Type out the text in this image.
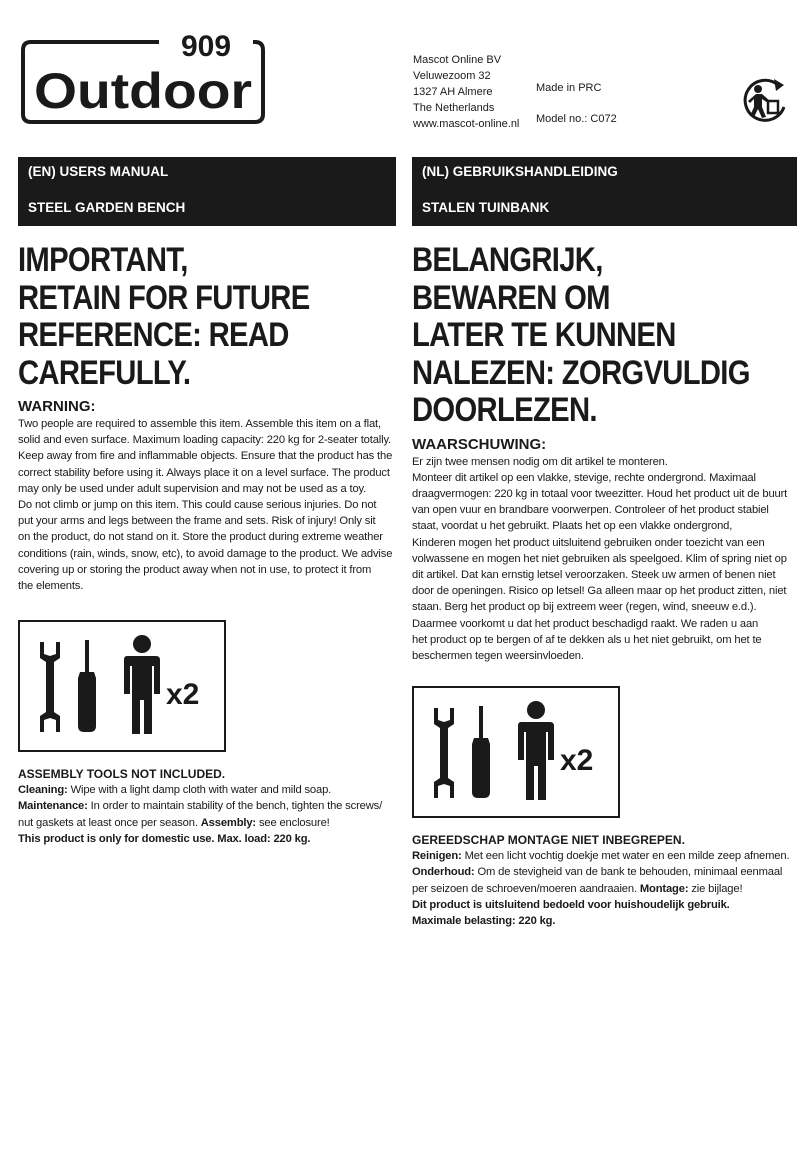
909
Outdoor
Mascot Online BV
Veluwezoom 32
1327 AH Almere
The Netherlands
www.mascot-online.nl
Made in PRC
Model no.: C072
(EN) USERS MANUAL
STEEL GARDEN BENCH
IMPORTANT,
RETAIN FOR FUTURE
REFERENCE: READ
CAREFULLY.
WARNING:
Two people are required to assemble this item. Assemble this item on a flat,
solid and even surface. Maximum loading capacity: 220 kg for 2-seater totally.
Keep away from fire and inflammable objects. Ensure that the product has the
correct stability before using it. Always place it on a level surface. The product
may only be used under adult supervision and may not be used as a toy.
Do not climb or jump on this item. This could cause serious injuries. Do not
put your arms and legs between the frame and sets. Risk of injury! Only sit
on the product, do not stand on it. Store the product during extreme weather
conditions (rain, winds, snow, etc), to avoid damage to the product. We advise
covering up or storing the product away when not in use, to protect it from
the elements.
x2
ASSEMBLY TOOLS NOT INCLUDED.
Cleaning: Wipe with a light damp cloth with water and mild soap.
Maintenance: In order to maintain stability of the bench, tighten the screws/
nut gaskets at least once per season. Assembly: see enclosure!
This product is only for domestic use. Max. load: 220 kg.
(NL) GEBRUIKSHANDLEIDING
STALEN TUINBANK
BELANGRIJK,
BEWAREN OM
LATER TE KUNNEN
NALEZEN: ZORGVULDIG
DOORLEZEN.
WAARSCHUWING:
Er zijn twee mensen nodig om dit artikel te monteren.
Monteer dit artikel op een vlakke, stevige, rechte ondergrond. Maximaal
draagvermogen: 220 kg in totaal voor tweezitter. Houd het product uit de buurt
van open vuur en brandbare voorwerpen. Controleer of het product stabiel
staat, voordat u het gebruikt. Plaats het op een vlakke ondergrond,
Kinderen mogen het product uitsluitend gebruiken onder toezicht van een
volwassene en mogen het niet gebruiken als speelgoed. Klim of spring niet op
dit artikel. Dat kan ernstig letsel veroorzaken. Steek uw armen of benen niet
door de openingen. Risico op letsel! Ga alleen maar op het product zitten, niet
staan. Berg het product op bij extreem weer (regen, wind, sneeuw e.d.).
Daarmee voorkomt u dat het product beschadigd raakt. We raden u aan
het product op te bergen of af te dekken als u het niet gebruikt, om het te
beschermen tegen weersinvloeden.
x2
GEREEDSCHAP MONTAGE NIET INBEGREPEN.
Reinigen: Met een licht vochtig doekje met water en een milde zeep afnemen.
Onderhoud: Om de stevigheid van de bank te behouden, minimaal eenmaal
per seizoen de schroeven/moeren aandraaien. Montage: zie bijlage!
Dit product is uitsluitend bedoeld voor huishoudelijk gebruik.
Maximale belasting: 220 kg.
